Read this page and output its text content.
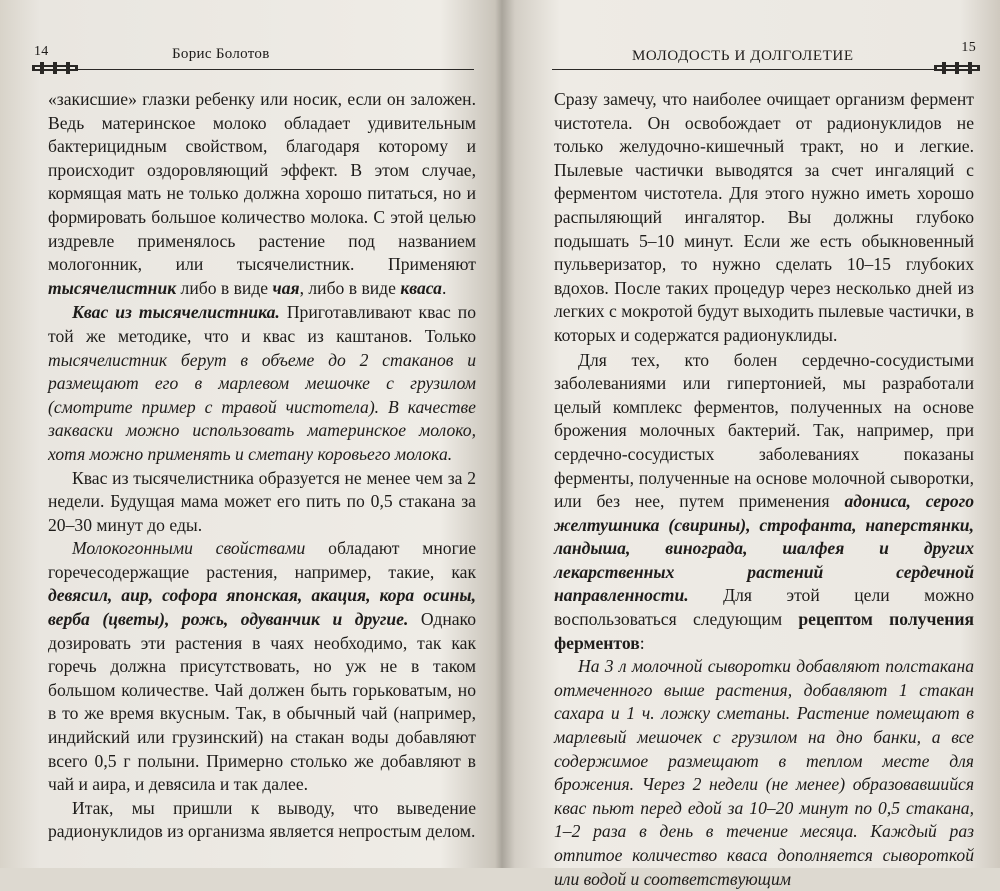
14	Борис Болотов

«закисшие» глазки ребенку или носик, если он заложен. Ведь материнское молоко обладает удивительным бактерицидным свойством, благодаря которому и происходит оздоровляющий эффект. В этом случае, кормящая мать не только должна хорошо питаться, но и формировать большое количество молока. С этой целью издревле применялось растение под названием мологонник, или тысячелистник. Применяют тысячелистник либо в виде чая, либо в виде кваса.

Квас из тысячелистника. Приготавливают квас по той же методике, что и квас из каштанов. Только тысячелистник берут в объеме до 2 стаканов и размещают его в марлевом мешочке с грузилом (смотрите пример с травой чистотела). В качестве закваски можно использовать материнское молоко, хотя можно применять и сметану коровьего молока.

Квас из тысячелистника образуется не менее чем за 2 недели. Будущая мама может его пить по 0,5 стакана за 20–30 минут до еды.

Молокогонными свойствами обладают многие горечесодержащие растения, например, такие, как девясил, аир, софора японская, акация, кора осины, верба (цветы), рожь, одуванчик и другие. Однако дозировать эти растения в чаях необходимо, так как горечь должна присутствовать, но уж не в таком большом количестве. Чай должен быть горьковатым, но в то же время вкусным. Так, в обычный чай (например, индийский или грузинский) на стакан воды добавляют всего 0,5 г полыни. Примерно столько же добавляют в чай и аира, и девясила и так далее.

Итак, мы пришли к выводу, что выведение радионуклидов из организма является непростым делом.

МОЛОДОСТЬ И ДОЛГОЛЕТИЕ
15

Сразу замечу, что наиболее очищает организм фермент чистотела. Он освобождает от радионуклидов не только желудочно-кишечный тракт, но и легкие. Пылевые частички выводятся за счет ингаляций с ферментом чистотела. Для этого нужно иметь хорошо распыляющий ингалятор. Вы должны глубоко подышать 5–10 минут. Если же есть обыкновенный пульверизатор, то нужно сделать 10–15 глубоких вдохов. После таких процедур через несколько дней из легких с мокротой будут выходить пылевые частички, в которых и содержатся радионуклиды.

Для тех, кто болен сердечно-сосудистыми заболеваниями или гипертонией, мы разработали целый комплекс ферментов, полученных на основе брожения молочных бактерий. Так, например, при сердечно-сосудистых заболеваниях показаны ферменты, полученные на основе молочной сыворотки, или без нее, путем применения адониса, серого желтушника (свирины), строфанта, наперстянки, ландыша, винограда, шалфея и других лекарственных растений сердечной направленности. Для этой цели можно воспользоваться следующим рецептом получения ферментов:

На 3 л молочной сыворотки добавляют полстакана отмеченного выше растения, добавляют 1 стакан сахара и 1 ч. ложку сметаны. Растение помещают в марлевый мешочек с грузилом на дно банки, а все содержимое размещают в теплом месте для брожения. Через 2 недели (не менее) образовавшийся квас пьют перед едой за 10–20 минут по 0,5 стакана, 1–2 раза в день в течение месяца. Каждый раз отпитое количество кваса дополняется сывороткой или водой и соответствующим
